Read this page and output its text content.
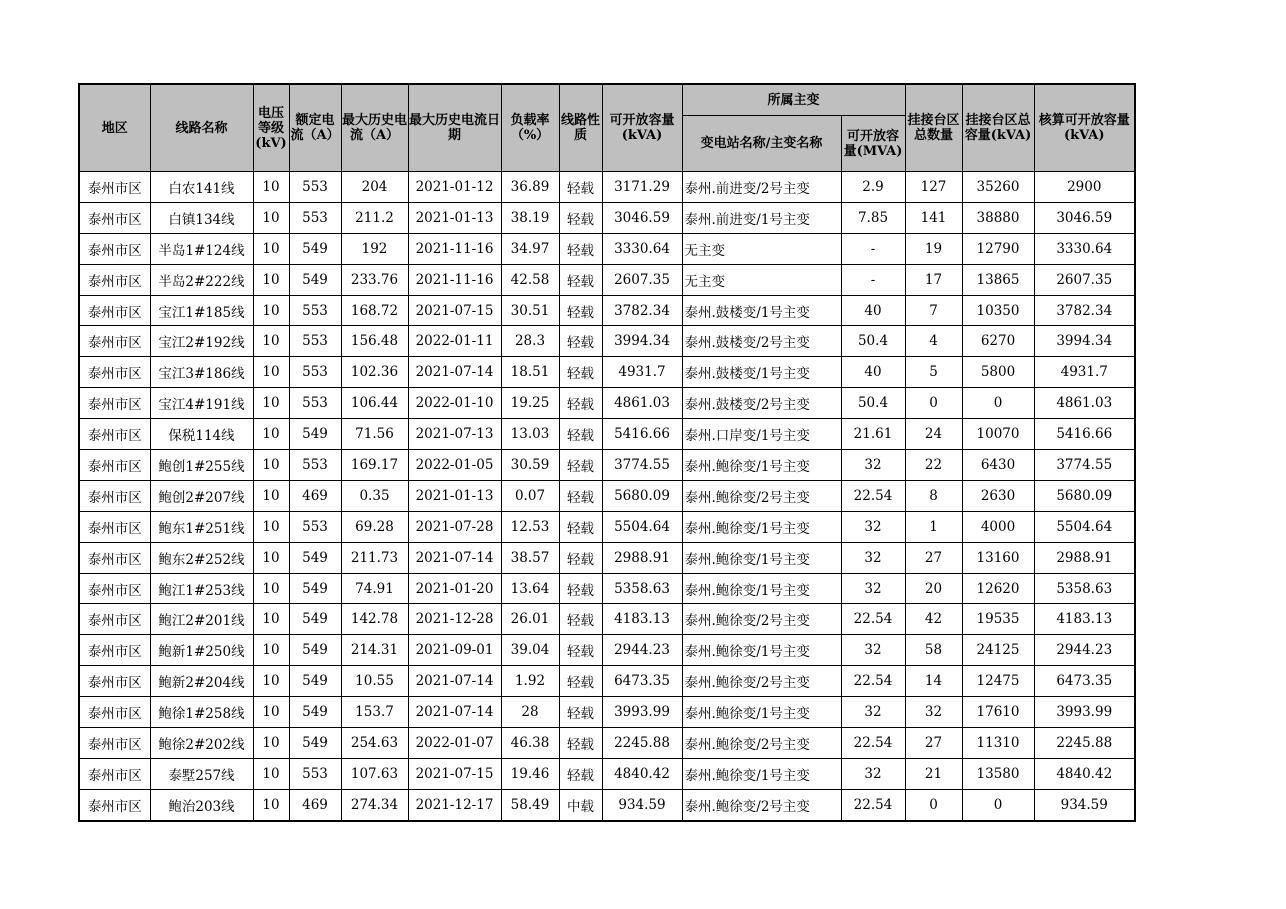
地区	线路名称	电压等级(kV)	额定电流（A）	最大历史电流（A）	最大历史电流日期	负载率（%）	线路性质	可开放容量(kVA)	所属主变		挂接台区总数量	挂接台区总容量(kVA)	核算可开放容量(kVA)
									变电站名称/主变名称	可开放容量(MVA)			
泰州市区	白农141线	10	553	204	2021-01-12	36.89	轻载	3171.29	泰州.前进变/2号主变	2.9	127	35260	2900
泰州市区	白镇134线	10	553	211.2	2021-01-13	38.19	轻载	3046.59	泰州.前进变/1号主变	7.85	141	38880	3046.59
泰州市区	半岛1#124线	10	549	192	2021-11-16	34.97	轻载	3330.64	无主变	-	19	12790	3330.64
泰州市区	半岛2#222线	10	549	233.76	2021-11-16	42.58	轻载	2607.35	无主变	-	17	13865	2607.35
泰州市区	宝江1#185线	10	553	168.72	2021-07-15	30.51	轻载	3782.34	泰州.鼓楼变/1号主变	40	7	10350	3782.34
泰州市区	宝江2#192线	10	553	156.48	2022-01-11	28.3	轻载	3994.34	泰州.鼓楼变/2号主变	50.4	4	6270	3994.34
泰州市区	宝江3#186线	10	553	102.36	2021-07-14	18.51	轻载	4931.7	泰州.鼓楼变/1号主变	40	5	5800	4931.7
泰州市区	宝江4#191线	10	553	106.44	2022-01-10	19.25	轻载	4861.03	泰州.鼓楼变/2号主变	50.4	0	0	4861.03
泰州市区	保税114线	10	549	71.56	2021-07-13	13.03	轻载	5416.66	泰州.口岸变/1号主变	21.61	24	10070	5416.66
泰州市区	鲍创1#255线	10	553	169.17	2022-01-05	30.59	轻载	3774.55	泰州.鲍徐变/1号主变	32	22	6430	3774.55
泰州市区	鲍创2#207线	10	469	0.35	2021-01-13	0.07	轻载	5680.09	泰州.鲍徐变/2号主变	22.54	8	2630	5680.09
泰州市区	鲍东1#251线	10	553	69.28	2021-07-28	12.53	轻载	5504.64	泰州.鲍徐变/1号主变	32	1	4000	5504.64
泰州市区	鲍东2#252线	10	549	211.73	2021-07-14	38.57	轻载	2988.91	泰州.鲍徐变/1号主变	32	27	13160	2988.91
泰州市区	鲍江1#253线	10	549	74.91	2021-01-20	13.64	轻载	5358.63	泰州.鲍徐变/1号主变	32	20	12620	5358.63
泰州市区	鲍江2#201线	10	549	142.78	2021-12-28	26.01	轻载	4183.13	泰州.鲍徐变/2号主变	22.54	42	19535	4183.13
泰州市区	鲍新1#250线	10	549	214.31	2021-09-01	39.04	轻载	2944.23	泰州.鲍徐变/1号主变	32	58	24125	2944.23
泰州市区	鲍新2#204线	10	549	10.55	2021-07-14	1.92	轻载	6473.35	泰州.鲍徐变/2号主变	22.54	14	12475	6473.35
泰州市区	鲍徐1#258线	10	549	153.7	2021-07-14	28	轻载	3993.99	泰州.鲍徐变/1号主变	32	32	17610	3993.99
泰州市区	鲍徐2#202线	10	549	254.63	2022-01-07	46.38	轻载	2245.88	泰州.鲍徐变/2号主变	22.54	27	11310	2245.88
泰州市区	泰墅257线	10	553	107.63	2021-07-15	19.46	轻载	4840.42	泰州.鲍徐变/1号主变	32	21	13580	4840.42
泰州市区	鲍治203线	10	469	274.34	2021-12-17	58.49	中载	934.59	泰州.鲍徐变/2号主变	22.54	0	0	934.59
